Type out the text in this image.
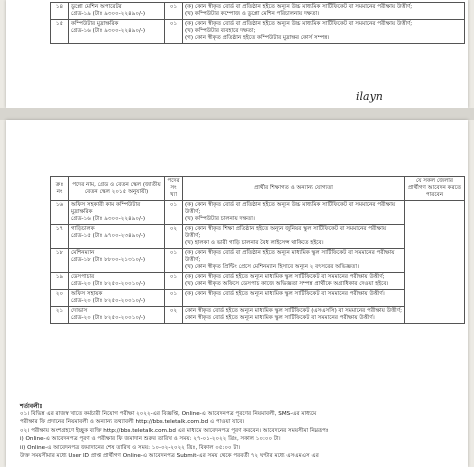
১৪	ডুপ্লো মেশিন অপারেটর
গ্রেড-১৯ (টাঃ ৯৩০০-২২৪৯০/-)	০১	(ক) কোন স্বীকৃত বোর্ড বা প্রতিষ্ঠান হইতে অন্যূন উচ্চ মাধ্যমিক সার্টিফিকেট বা সমমানের পরীক্ষায় উত্তীর্ণ;
(খ) কম্পিউটার কম্পোজ ও ডুপ্লো মেশিন পরিচালনায় দক্ষতা।

১৫	কম্পিউটার মুদ্রাক্ষরিক
গ্রেড-১৬ (টাঃ ৯৩০০-২২৪৯০/-)	০১	(ক) কোন স্বীকৃত বোর্ড বা প্রতিষ্ঠান হইতে অন্যূন উচ্চ মাধ্যমিক সার্টিফিকেট বা সমমানের পরীক্ষায় উত্তীর্ণ;
(খ) কম্পিউটার ব্যবহারে দক্ষতা;
(গ) কোন স্বীকৃত প্রতিষ্ঠান হইতে কম্পিউটার মুদ্রাক্ষর কোর্স সম্পন্ন।
ilayn
ক্রঃ নং	পদের নাম, গ্রেড ও বেতন স্কেল (জাতীয় বেতন স্কেল ২০১৫ অনুযায়ী)	পদের সংখ্যা	প্রার্থীর শিক্ষাগত ও অন্যান্য যোগ্যতা	যে সকল জেলার প্রার্থীগণ আবেদন করতে পারবেন
১৬	অফিস সহকারী কাম কম্পিউটার মুদ্রাক্ষরিক
গ্রেড-১৬ (টাঃ ৯৩০০-২২৪৯০/-)	০১	(ক) কোন স্বীকৃত বোর্ড বা প্রতিষ্ঠান হইতে অন্যূন উচ্চ মাধ্যমিক সার্টিফিকেট বা সমমানের পরীক্ষায় উত্তীর্ণ;
(খ) কম্পিউটার চালনায় দক্ষতা।	

১৭	গাড়িচালক
গ্রেড-১৫ (টাঃ ৯৭০০-২৩৪৯০/-)	০২	(ক) কোন স্বীকৃত শিক্ষা প্রতিষ্ঠান হইতে অন্যূন জুনিয়র স্কুল সার্টিফিকেট বা সমমানের পরীক্ষায় উত্তীর্ণ;
(খ) হালকা ও ভারী গাড়ি চালনার বৈধ লাইসেন্স থাকিতে হইবে।	

১৮	মেশিনম্যান
গ্রেড-১৮ (টাঃ ৮৮০০-২১৩১০/-)	০১	(ক) কোন স্বীকৃত বোর্ড বা প্রতিষ্ঠান হইতে অন্যূন মাধ্যমিক স্কুল সার্টিফিকেট বা সমমানের পরীক্ষায় উত্তীর্ণ;
(খ) কোন স্বীকৃত প্রিন্টিং প্রেসে মেশিনম্যান হিসাবে অন্যূন ২ বৎসরের অভিজ্ঞতা।	

১৯	ডেসপাচার
গ্রেড-২০ (টাঃ ৮২৫০-২০০১০/-)	০১	(ক) কোন স্বীকৃত বোর্ড হইতে অন্যূন মাধ্যমিক স্কুল সার্টিফিকেট বা সমমানের পরীক্ষায় উত্তীর্ণ;
(খ) কোন স্বীকৃত অফিসে ডেসপাচ কাজে অভিজ্ঞতা সম্পন্ন প্রার্থীকে অগ্রাধিকার দেওয়া হইবে।	

২০	অফিস সহায়ক
গ্রেড-২০ (টাঃ ৮২৫০-২০০১০/-)	০১	(ক) কোন স্বীকৃত বোর্ড হইতে অন্যূন মাধ্যমিক স্কুল সার্টিফিকেট বা সমমানের পরীক্ষায় উত্তীর্ণ।	

২১	দোভাস
গ্রেড-২০ (টাঃ ৮২৫০-২০০১০/-)	০২	কোন স্বীকৃত বোর্ড হইতে অন্যূন মাধ্যমিক স্কুল সার্টিফিকেট (এসএসসি) বা সমমানের পরীক্ষায় উত্তীর্ণ;
কোন স্বীকৃত বোর্ড হইতে অন্যূন মাধ্যমিক স্কুল সার্টিফিকেট বা সমমানের পরীক্ষায় উত্তীর্ণ।	
শর্তাবলীঃ
০১। বিভিন্ন এর রাজস্ব খাতে কর্মচারী নিয়োগ পরীক্ষা ২০২২-এর বিজ্ঞপ্তি, Online-এ আবেদনপত্র পূরণের নিয়মাবলী, SMS-এর মাধ্যমে
পরীক্ষার ফি প্রদানের নিয়মাবলী ও অন্যান্য তথ্যাবলী http://bbs.teletalk.com.bd এ পাওয়া যাবে।
০২। পরীক্ষায় অংশগ্রহণে ইচ্ছুক ব্যক্তি http://bbs.teletalk.com.bd এর মাধ্যমে আবেদনপত্র পূরণ করবেন। আবেদনের সময়সীমা নিম্নরূপঃ
i) Online-এ আবেদনপত্র পূরণ ও পরীক্ষার ফি জমাদান শুরুর তারিখ ও সময়: ২৭-০১-২০২২ খ্রিঃ, সকাল ১০:০০ টা।
ii) Online-এ আবেদনপত্র জমাদানের শেষ তারিখ ও সময়: ১০-০২-২০২২ খ্রিঃ, বিকাল ০৫:০০ টা।
উক্ত সময়সীমার মধ্যে User ID প্রাপ্ত প্রার্থীগণ Online-এ আবেদনপত্র Submit-এর সময় থেকে পরবর্তী ৭২ ঘণ্টার মধ্যে এসএমএস এর
